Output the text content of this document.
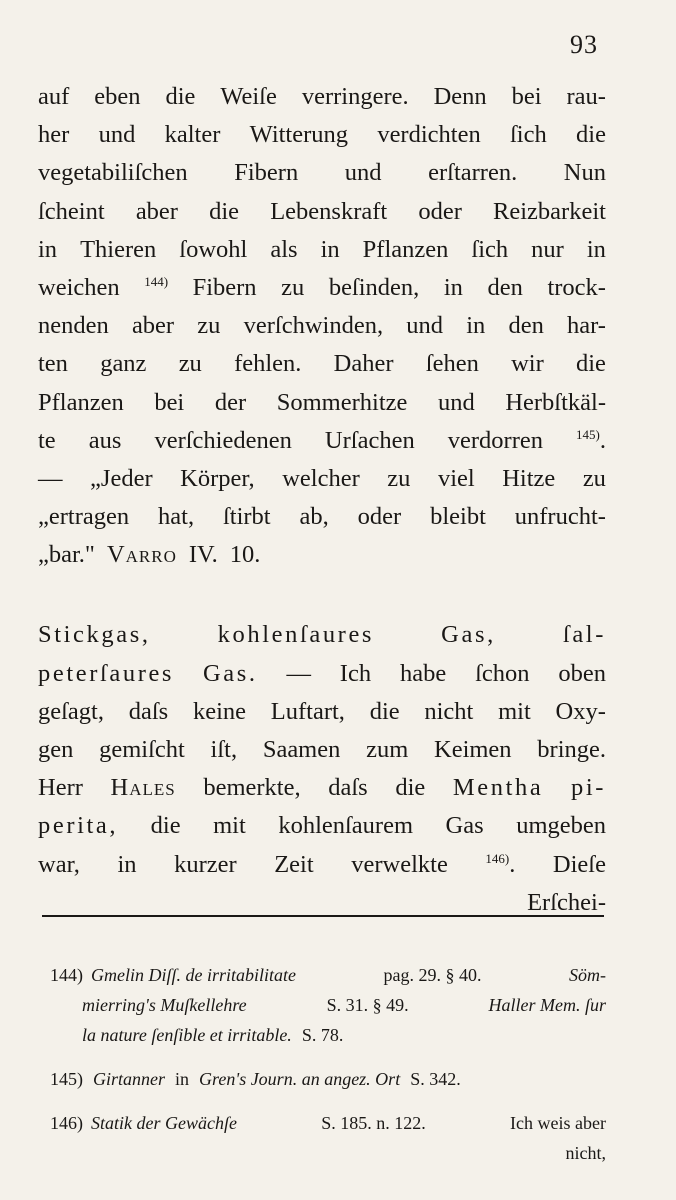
93
auf eben die Weiſe verringere. Denn bei rau-
her und kalter Witterung verdichten ſich die
vegetabiliſchen Fibern und erſtarren. Nun
ſcheint aber die Lebenskraft oder Reizbarkeit
in Thieren ſowohl als in Pflanzen ſich nur in
weichen $^{144)}$ Fibern zu beſinden, in den trock-
nenden aber zu verſchwinden, und in den har-
ten ganz zu fehlen. Daher ſehen wir die
Pflanzen bei der Sommerhitze und Herbſtkäl-
te aus verſchiedenen Urſachen verdorren	$^{145)}$.
— „Jeder Körper, welcher zu viel Hitze zu
„ertragen hat, ſtirbt ab, oder bleibt unfrucht-
„bar." Varro IV. 10.
Stickgas,	kohlenſaures	Gas,	ſal-
peterſaures Gas. — Ich habe ſchon oben
geſagt, daſs keine Luftart, die nicht mit Oxy-
gen gemiſcht iſt, Saamen zum Keimen bringe.
Herr Hales bemerkte, daſs die Mentha pi-
perita, die mit kohlenſaurem Gas umgeben
war, in kurzer Zeit verwelkte	$^{146)}$. Dieſe
Erſchei-
144) Gmelin Diſſ. de irritabilitate	pag. 29. § 40.	Söm-
mierring's Muſkellehre	S. 31. § 49.	Haller Mem. ſur
la nature ſenſible et irritable. S. 78.
145) Girtanner in Gren's Journ. an angez. Ort S. 342.
146) Statik der Gewächſe	S. 185. n. 122.	Ich weis aber
nicht,
